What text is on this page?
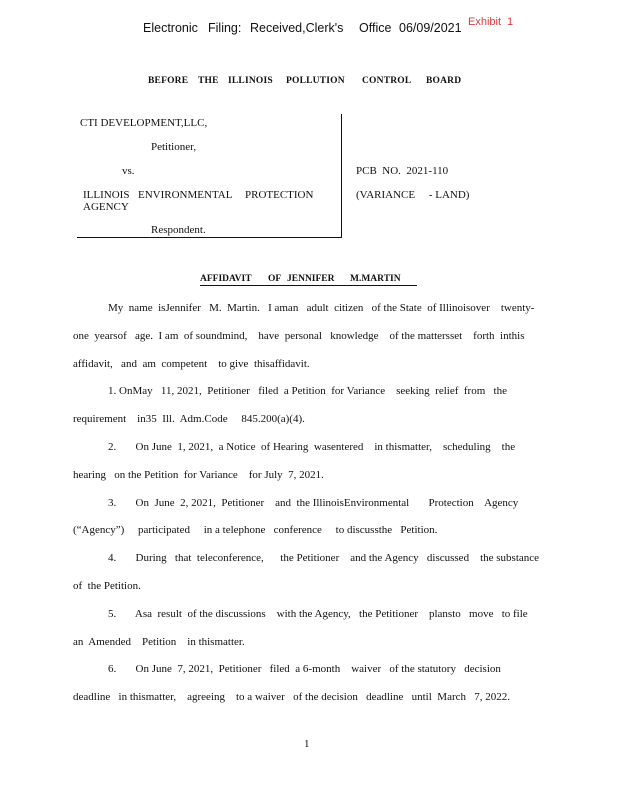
Electronic Filing: Received,Clerk's Office 06/09/2021 Exhibit 1
BEFORE THE ILLINOIS POLLUTION CONTROL BOARD
CTI DEVELOPMENT,LLC,
Petitioner,
vs.
ILLINOIS ENVIRONMENTAL PROTECTION
AGENCY
Respondent.
PCB  NO.  2021-110
(VARIANCE     - LAND)
AFFIDAVIT OF JENNIFER M.MARTIN
My  name  isJennifer   M.  Martin.   I aman   adult  citizen   of the State  of Illinoisover    twenty-
one  yearsof   age.  I am  of soundmind,    have  personal   knowledge    of the mattersset    forth  inthis
affidavit,   and  am  competent    to give  thisaffidavit.
1. OnMay   11, 2021,  Petitioner   filed  a Petition  for Variance    seeking  relief  from   the
requirement    in35  Ill.  Adm.Code     845.200(a)(4).
2.       On June  1, 2021,  a Notice  of Hearing  wasentered    in thismatter,    scheduling    the
hearing   on the Petition  for Variance    for July  7, 2021.
3.       On  June  2, 2021,  Petitioner    and  the IllinoisEnvironmental       Protection    Agency
(“Agency”)     participated     in a telephone   conference     to discussthe   Petition.
4.       During   that  teleconference,      the Petitioner    and the Agency   discussed    the substance
of  the Petition.
5.       Asa  result  of the discussions    with the Agency,   the Petitioner    plansto   move   to file
an  Amended    Petition    in thismatter.
6.       On June  7, 2021,  Petitioner   filed  a 6-month    waiver   of the statutory   decision
deadline   in thismatter,    agreeing    to a waiver   of the decision   deadline   until  March   7, 2022.
1
